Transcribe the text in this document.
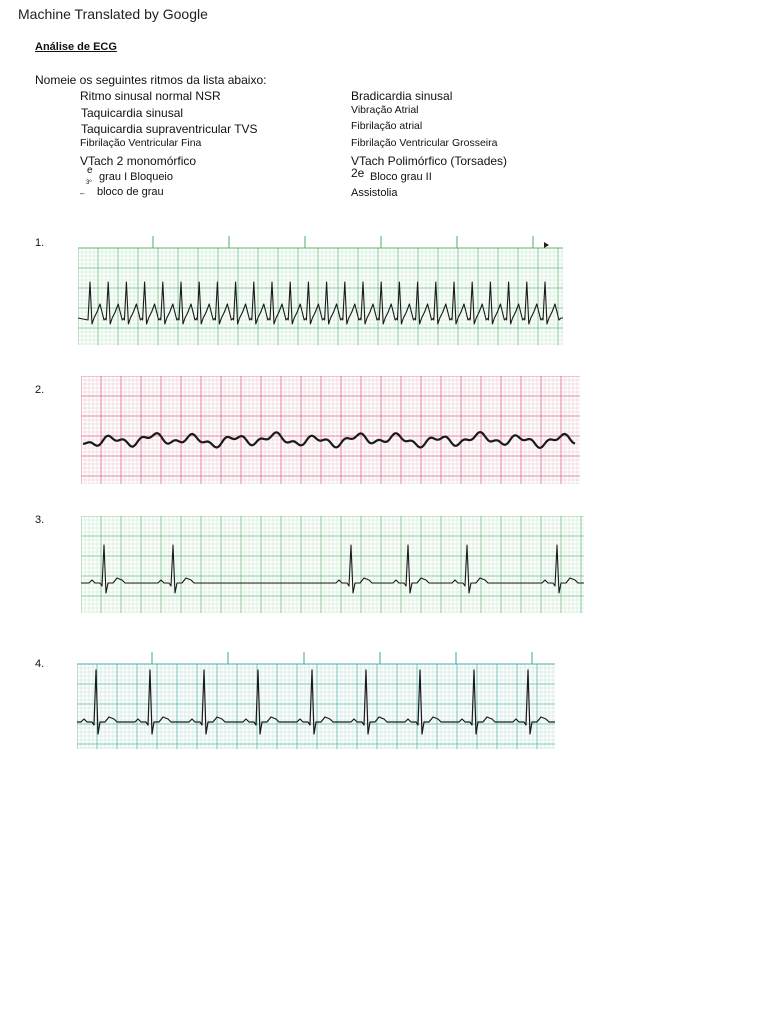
Machine Translated by Google
Análise de ECG
Nomeie os seguintes ritmos da lista abaixo:
Ritmo sinusal normal NSR
Taquicardia sinusal
Taquicardia supraventricular TVS
Fibrilação Ventricular Fina
VTach 2 monomórfico
e
grau I Bloqueio
3º
– bloco de grau
Bradicardia sinusal
Vibração Atrial
Fibrilação atrial
Fibrilação Ventricular Grosseira
VTach Polimórfico (Torsades)
2e Bloco grau II
Assistolia
1.
2.
3.
4.
